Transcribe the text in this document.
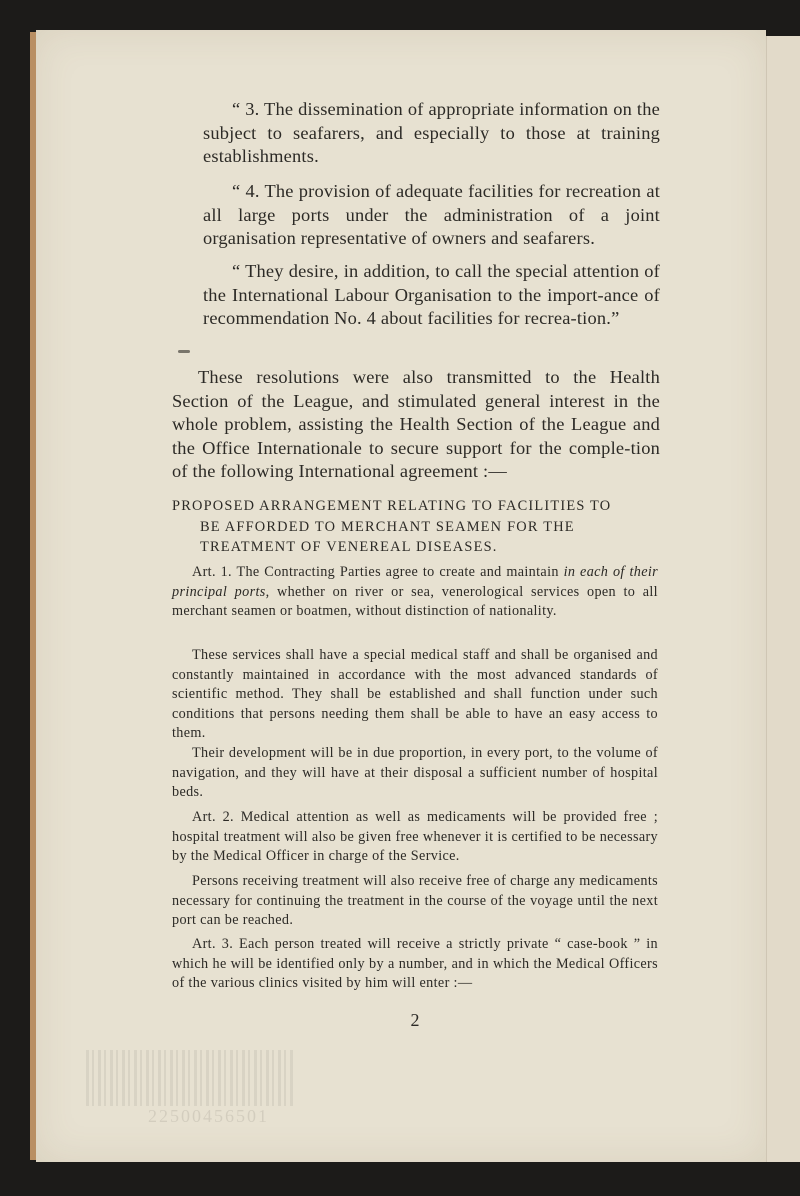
22500456501

“ 3. The dissemination of appropriate information on the subject to seafarers, and especially to those at training establishments.

“ 4. The provision of adequate facilities for recreation at all large ports under the administration of a joint organisation representative of owners and seafarers.

“ They desire, in addition, to call the special attention of the International Labour Organisation to the import-ance of recommendation No. 4 about facilities for recrea-tion.”

These resolutions were also transmitted to the Health Section of the League, and stimulated general interest in the whole problem, assisting the Health Section of the League and the Office Internationale to secure support for the comple-tion of the following International agreement :—

PROPOSED ARRANGEMENT RELATING TO FACILITIES TO
BE AFFORDED TO MERCHANT SEAMEN FOR THE
TREATMENT OF VENEREAL DISEASES.

Art. 1. The Contracting Parties agree to create and maintain in each of their principal ports, whether on river or sea, venerological services open to all merchant seamen or boatmen, without distinction of nationality.

These services shall have a special medical staff and shall be organised and constantly maintained in accordance with the most advanced standards of scientific method. They shall be established and shall function under such conditions that persons needing them shall be able to have an easy access to them.

Their development will be in due proportion, in every port, to the volume of navigation, and they will have at their disposal a sufficient number of hospital beds.

Art. 2. Medical attention as well as medicaments will be provided free ; hospital treatment will also be given free whenever it is certified to be necessary by the Medical Officer in charge of the Service.

Persons receiving treatment will also receive free of charge any medicaments necessary for continuing the treatment in the course of the voyage until the next port can be reached.

Art. 3. Each person treated will receive a strictly private “ case-book ” in which he will be identified only by a number, and in which the Medical Officers of the various clinics visited by him will enter :—

2
